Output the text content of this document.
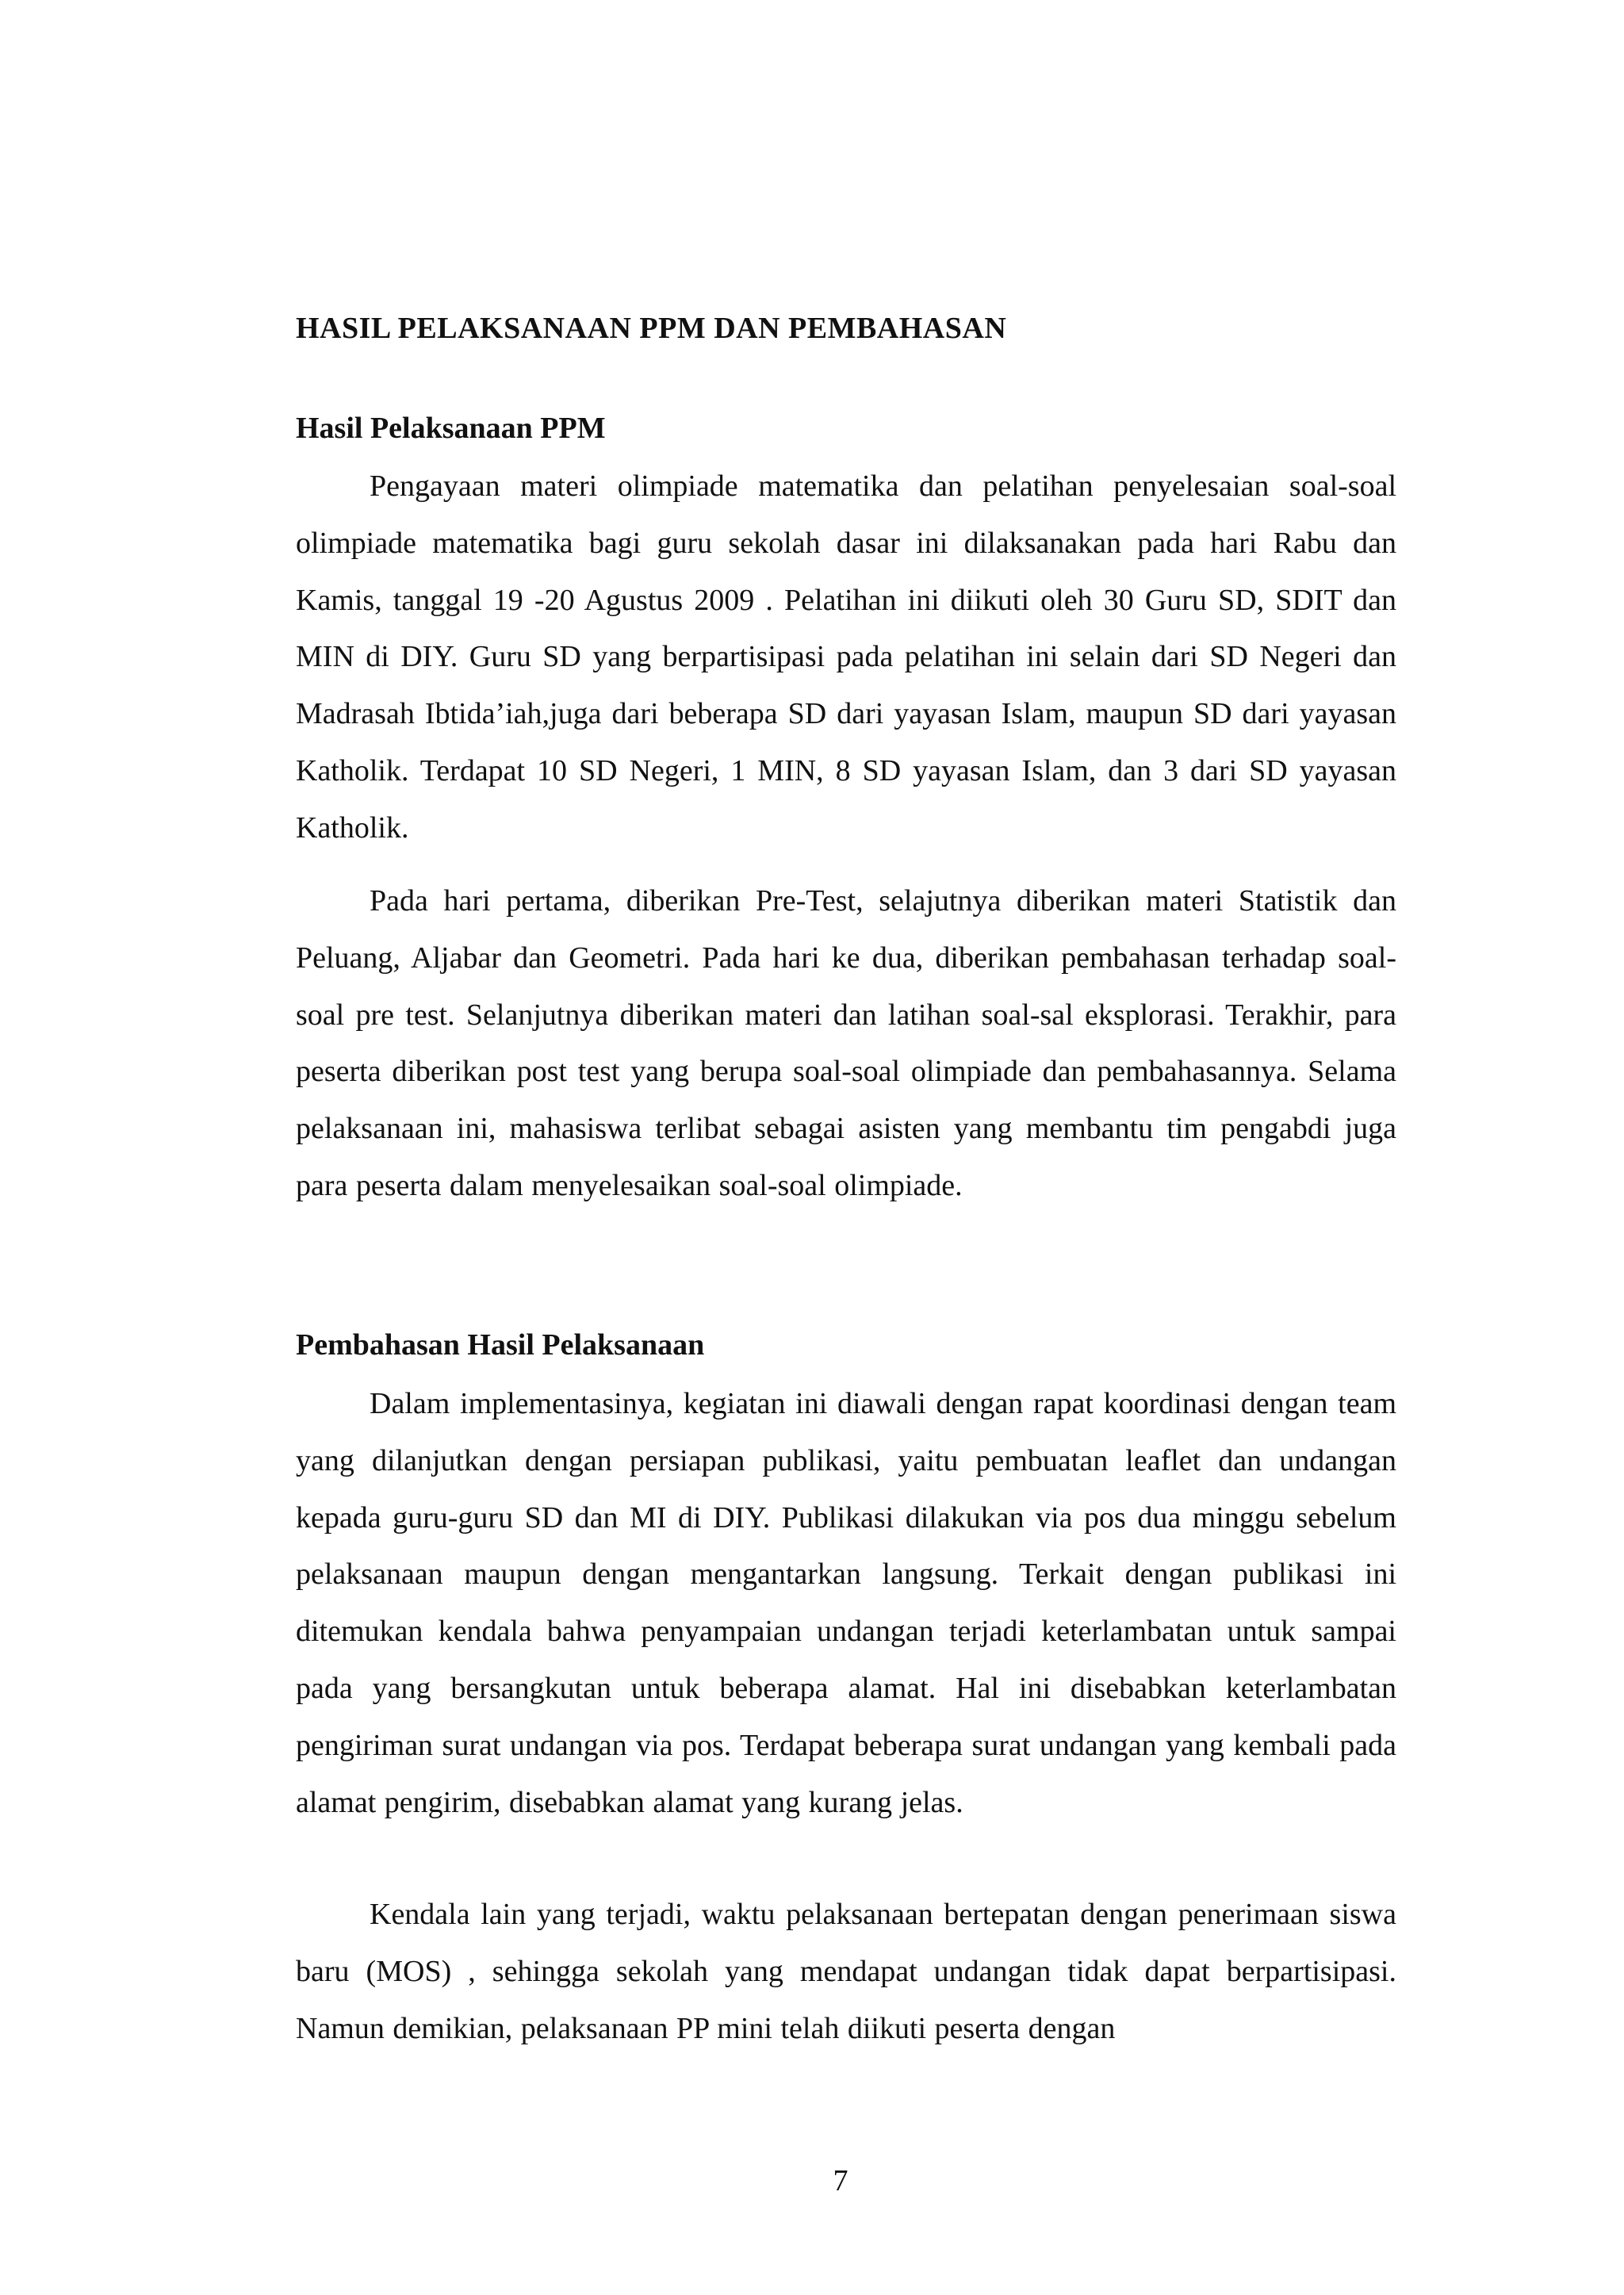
HASIL PELAKSANAAN PPM DAN PEMBAHASAN
Hasil Pelaksanaan PPM

Pengayaan materi olimpiade matematika dan pelatihan penyelesaian soal-soal olimpiade matematika bagi guru sekolah dasar ini dilaksanakan pada hari Rabu dan Kamis, tanggal 19 -20 Agustus 2009 . Pelatihan ini diikuti oleh 30 Guru SD, SDIT dan MIN di DIY. Guru SD yang berpartisipasi pada pelatihan ini selain dari SD Negeri dan Madrasah Ibtida’iah,juga dari beberapa SD dari yayasan Islam, maupun SD dari yayasan Katholik. Terdapat 10 SD Negeri, 1 MIN, 8 SD yayasan Islam, dan 3 dari SD yayasan Katholik.

Pada hari pertama, diberikan Pre-Test, selajutnya diberikan materi Statistik dan Peluang, Aljabar dan Geometri. Pada hari ke dua, diberikan pembahasan terhadap soal-soal pre test. Selanjutnya diberikan materi dan latihan soal-sal eksplorasi. Terakhir, para peserta diberikan post test yang berupa soal-soal olimpiade dan pembahasannya. Selama pelaksanaan ini, mahasiswa terlibat sebagai asisten yang membantu tim pengabdi juga para peserta dalam menyelesaikan soal-soal olimpiade.

Pembahasan Hasil Pelaksanaan

Dalam implementasinya, kegiatan ini diawali dengan rapat koordinasi dengan team yang dilanjutkan dengan persiapan publikasi, yaitu pembuatan leaflet dan undangan kepada guru-guru SD dan MI di DIY. Publikasi dilakukan via pos dua minggu sebelum pelaksanaan maupun dengan mengantarkan langsung. Terkait dengan publikasi ini ditemukan kendala bahwa penyampaian undangan terjadi keterlambatan untuk sampai pada yang bersangkutan untuk beberapa alamat. Hal ini disebabkan keterlambatan pengiriman surat undangan via pos. Terdapat beberapa surat undangan yang kembali pada alamat pengirim, disebabkan alamat yang kurang jelas.

Kendala lain yang terjadi, waktu pelaksanaan bertepatan dengan penerimaan siswa baru (MOS) , sehingga sekolah yang mendapat undangan tidak dapat berpartisipasi. Namun demikian, pelaksanaan PP mini telah diikuti peserta dengan

7
